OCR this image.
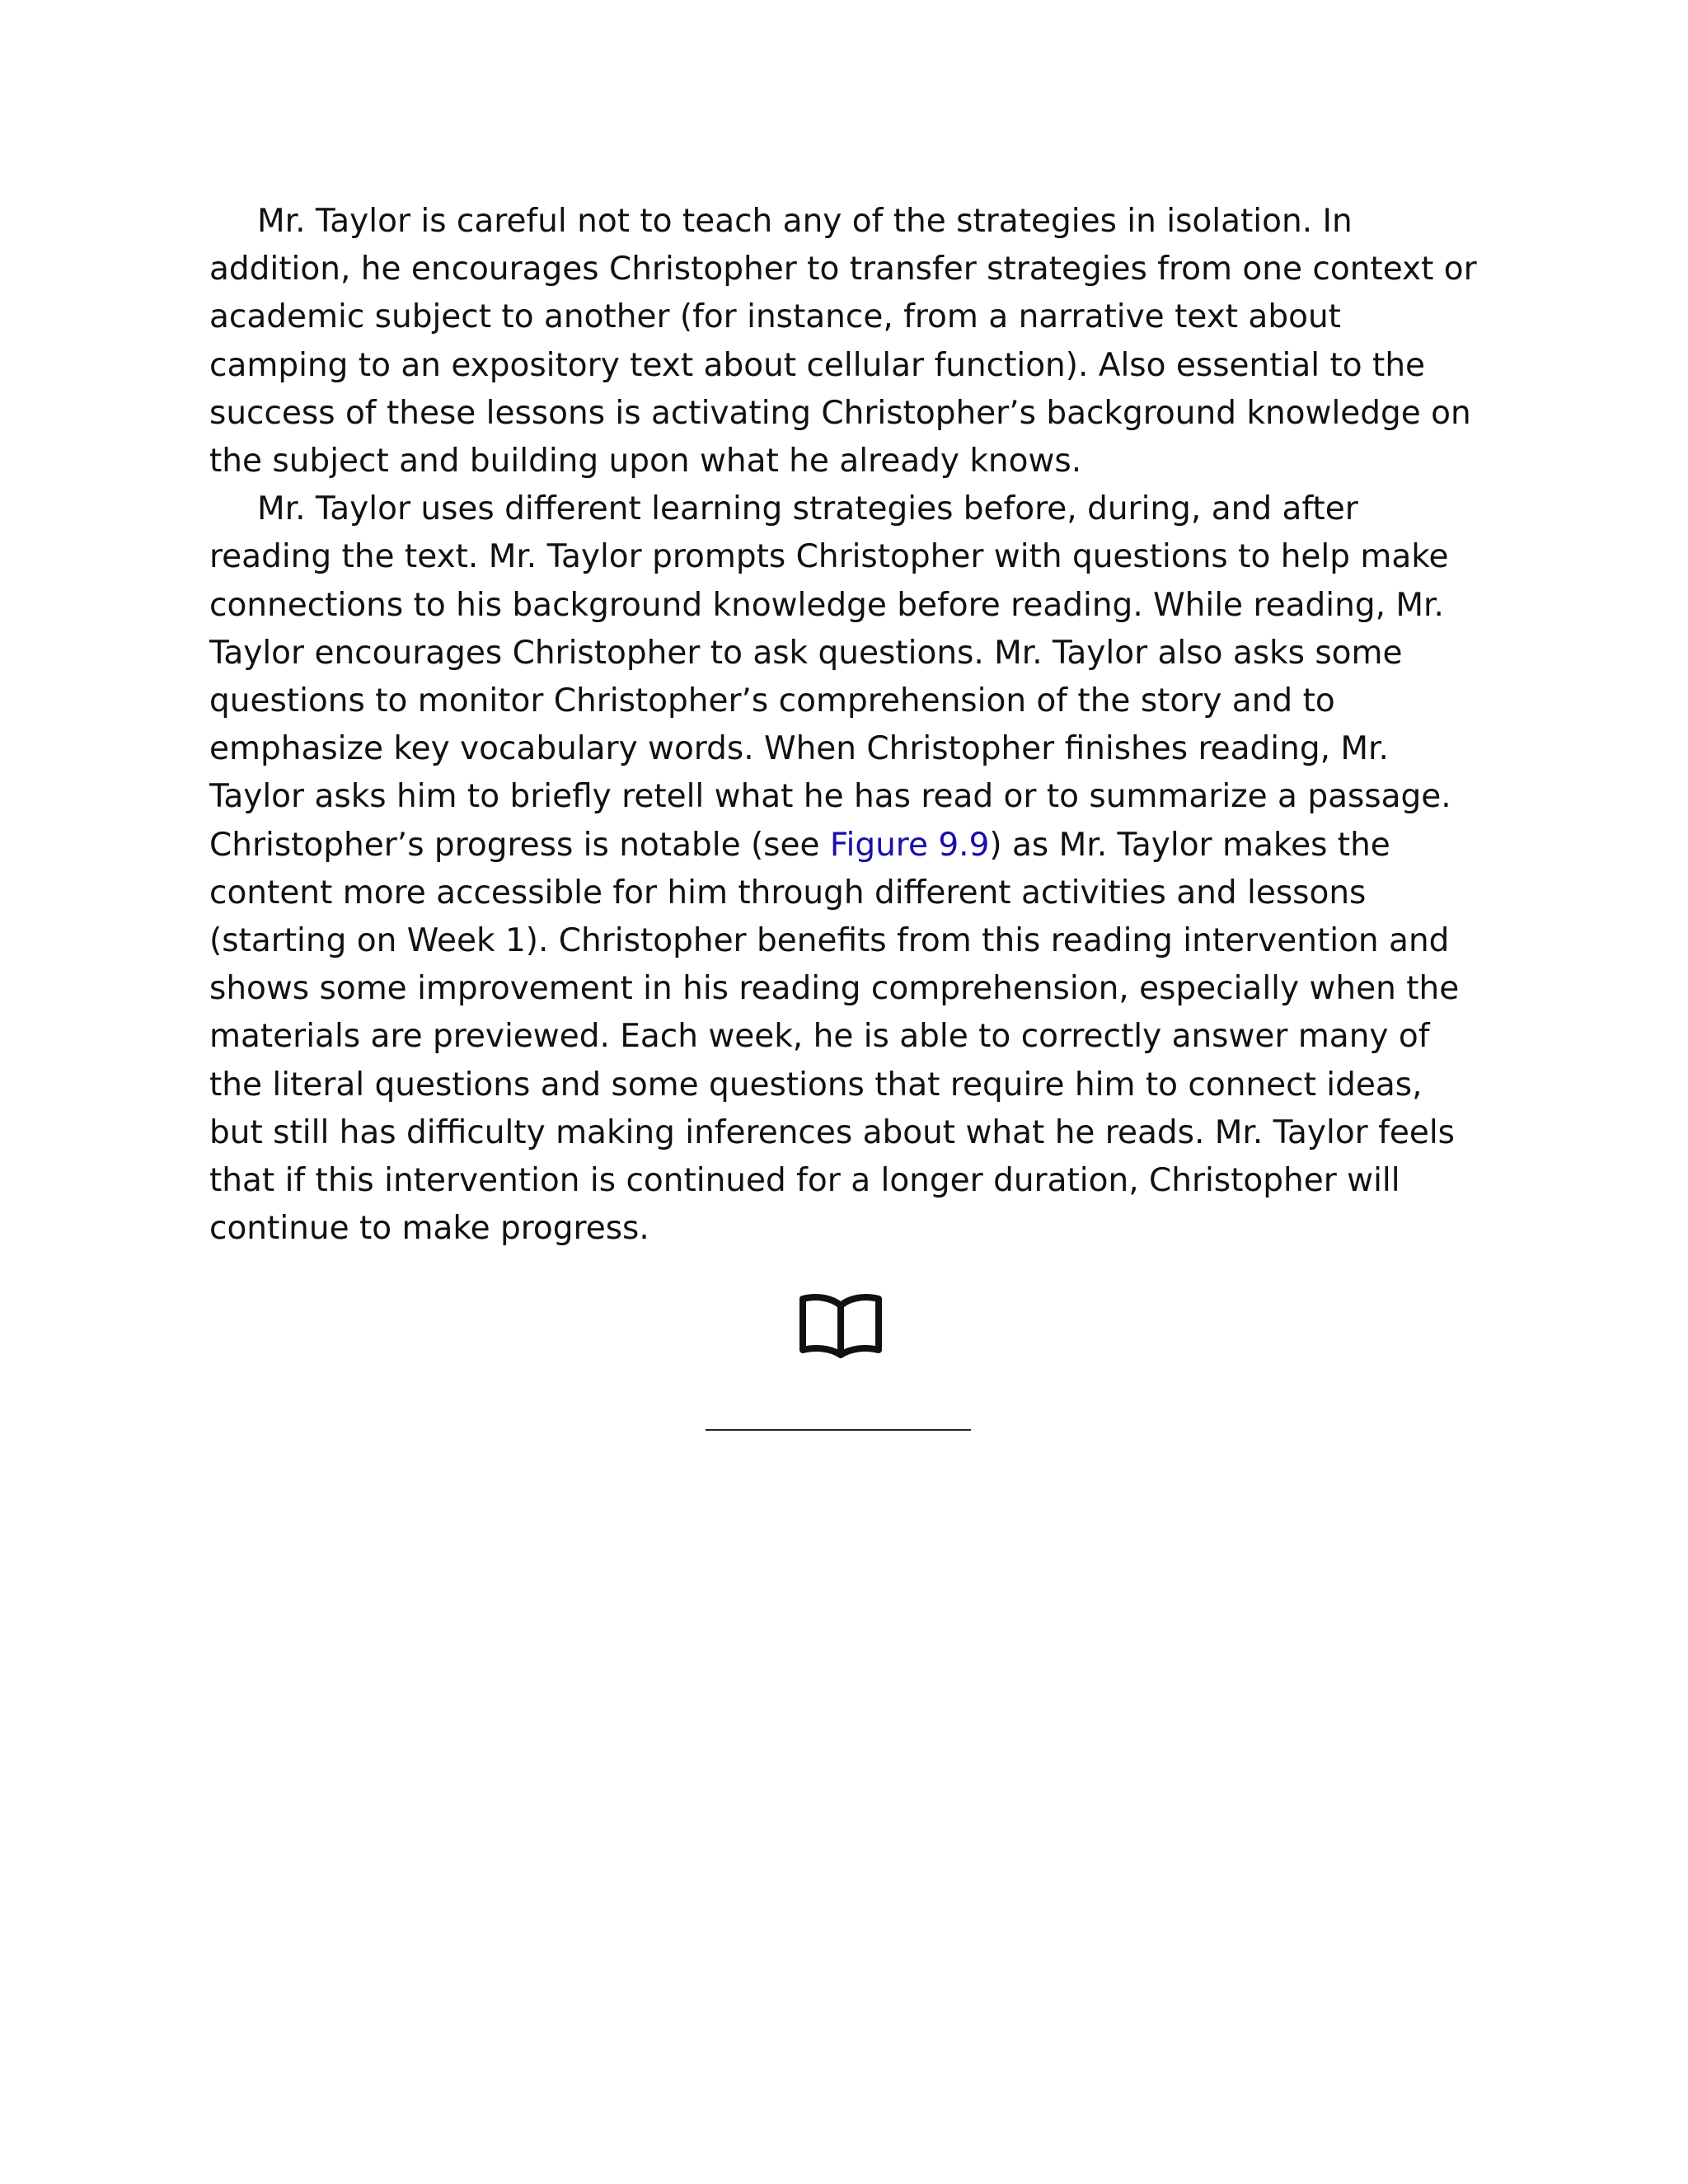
Mr. Taylor is careful not to teach any of the strategies in isolation. In addition, he encourages Christopher to transfer strategies from one context or academic subject to another (for instance, from a narrative text about camping to an expository text about cellular function). Also essential to the success of these lessons is activating Christopher’s background knowledge on the subject and building upon what he already knows.

Mr. Taylor uses different learning strategies before, during, and after reading the text. Mr. Taylor prompts Christopher with questions to help make connections to his background knowledge before reading. While reading, Mr. Taylor encourages Christopher to ask questions. Mr. Taylor also asks some questions to monitor Christopher’s comprehension of the story and to emphasize key vocabulary words. When Christopher finishes reading, Mr. Taylor asks him to briefly retell what he has read or to summarize a passage. Christopher’s progress is notable (see Figure 9.9) as Mr. Taylor makes the content more accessible for him through different activities and lessons (starting on Week 1). Christopher benefits from this reading intervention and shows some improvement in his reading comprehension, especially when the materials are previewed. Each week, he is able to correctly answer many of the literal questions and some questions that require him to connect ideas, but still has difficulty making inferences about what he reads. Mr. Taylor feels that if this intervention is continued for a longer duration, Christopher will continue to make progress.
